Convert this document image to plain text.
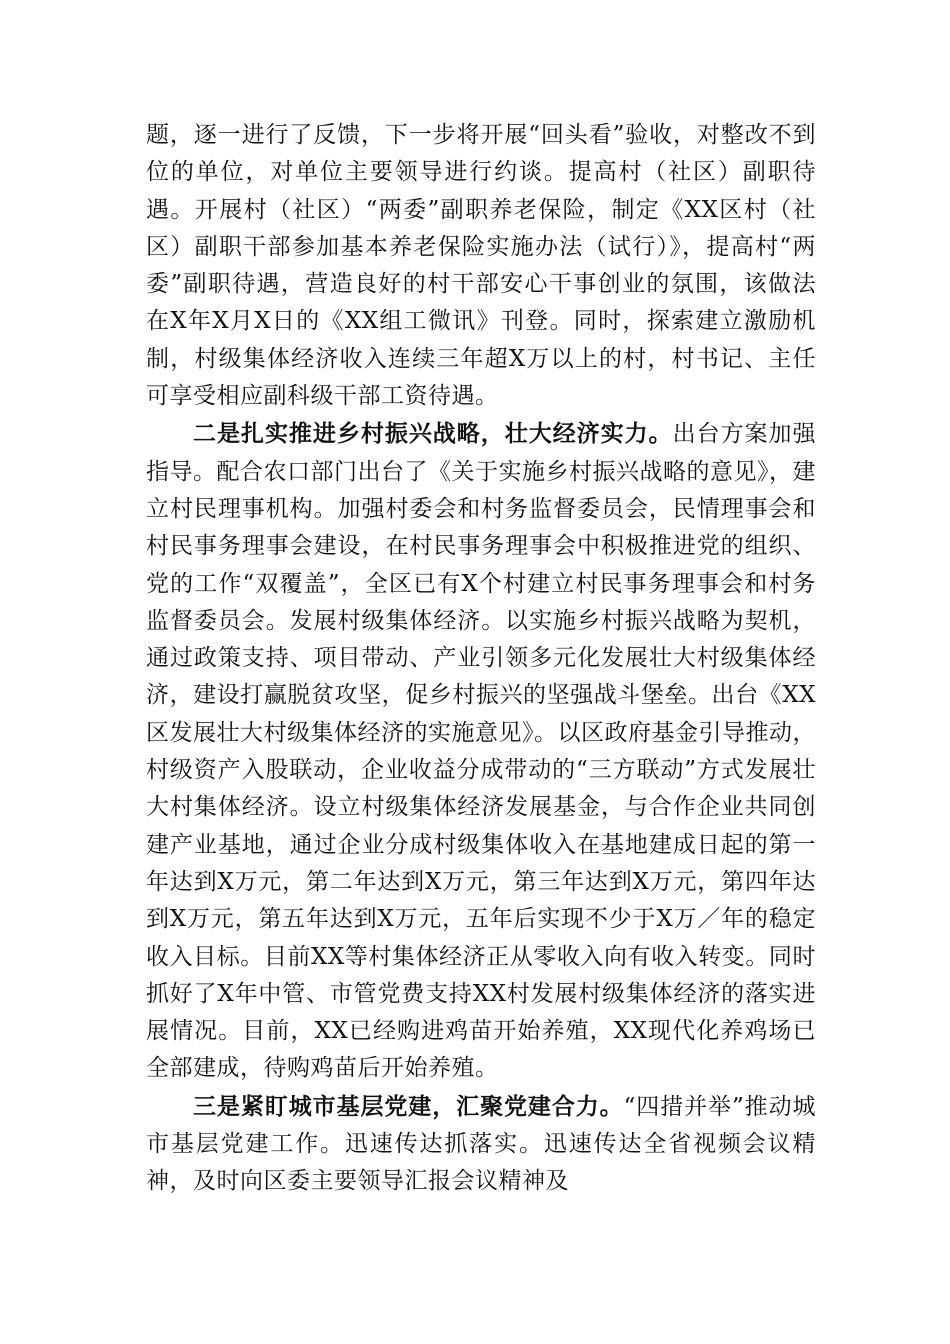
题，逐一进行了反馈，下一步将开展“回头看”验收，对整改不到位的单位，对单位主要领导进行约谈。提高村（社区）副职待遇。开展村（社区）“两委”副职养老保险，制定《XX区村（社区）副职干部参加基本养老保险实施办法（试行）》，提高村“两委”副职待遇，营造良好的村干部安心干事创业的氛围，该做法在X年X月X日的《XX组工微讯》刊登。同时，探索建立激励机制，村级集体经济收入连续三年超X万以上的村，村书记、主任可享受相应副科级干部工资待遇。

二是扎实推进乡村振兴战略，壮大经济实力。出台方案加强指导。配合农口部门出台了《关于实施乡村振兴战略的意见》，建立村民理事机构。加强村委会和村务监督委员会，民情理事会和村民事务理事会建设，在村民事务理事会中积极推进党的组织、党的工作“双覆盖”，全区已有X个村建立村民事务理事会和村务监督委员会。发展村级集体经济。以实施乡村振兴战略为契机，通过政策支持、项目带动、产业引领多元化发展壮大村级集体经济，建设打赢脱贫攻坚，促乡村振兴的坚强战斗堡垒。出台《XX区发展壮大村级集体经济的实施意见》。以区政府基金引导推动，村级资产入股联动，企业收益分成带动的“三方联动”方式发展壮大村集体经济。设立村级集体经济发展基金，与合作企业共同创建产业基地，通过企业分成村级集体收入在基地建成日起的第一年达到X万元，第二年达到X万元，第三年达到X万元，第四年达到X万元，第五年达到X万元，五年后实现不少于X万／年的稳定收入目标。目前XX等村集体经济正从零收入向有收入转变。同时抓好了X年中管、市管党费支持XX村发展村级集体经济的落实进展情况。目前，XX已经购进鸡苗开始养殖，XX现代化养鸡场已全部建成，待购鸡苗后开始养殖。

三是紧盯城市基层党建，汇聚党建合力。“四措并举”推动城市基层党建工作。迅速传达抓落实。迅速传达全省视频会议精神，及时向区委主要领导汇报会议精神及
